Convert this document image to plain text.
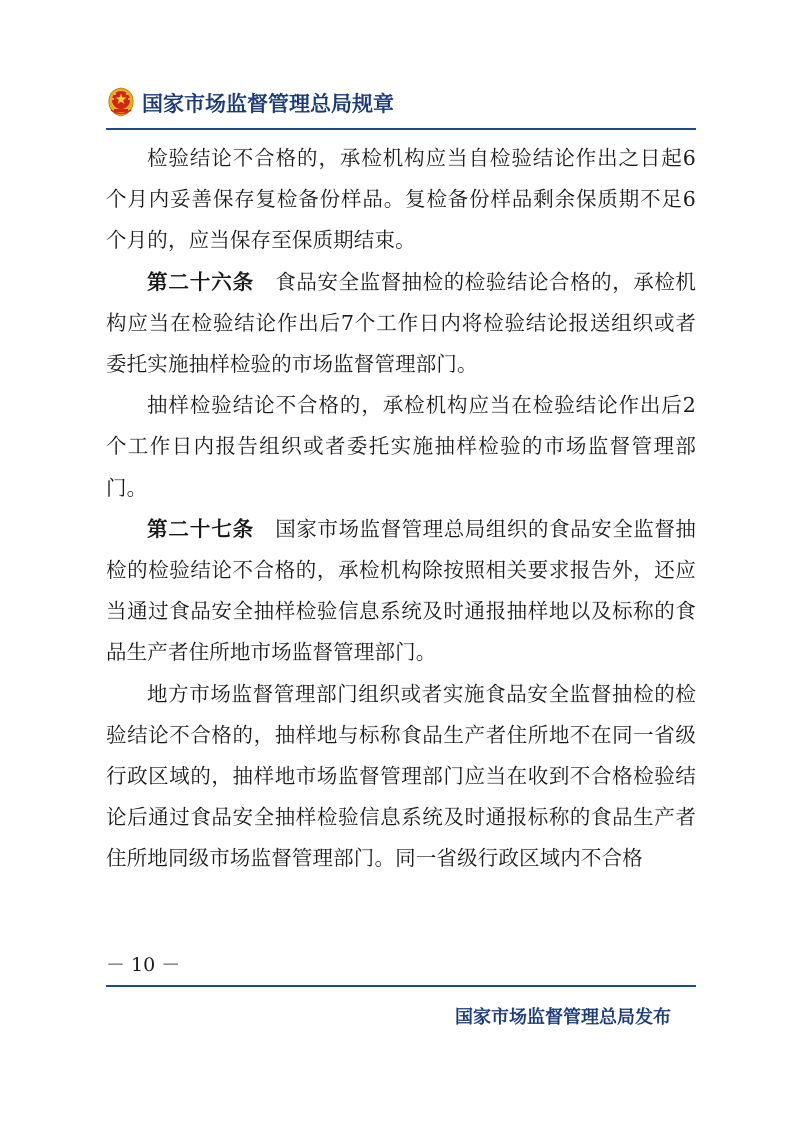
国家市场监督管理总局规章

检验结论不合格的，承检机构应当自检验结论作出之日起6个月内妥善保存复检备份样品。复检备份样品剩余保质期不足6个月的，应当保存至保质期结束。

第二十六条 食品安全监督抽检的检验结论合格的，承检机构应当在检验结论作出后7个工作日内将检验结论报送组织或者委托实施抽样检验的市场监督管理部门。

抽样检验结论不合格的，承检机构应当在检验结论作出后2个工作日内报告组织或者委托实施抽样检验的市场监督管理部门。

第二十七条 国家市场监督管理总局组织的食品安全监督抽检的检验结论不合格的，承检机构除按照相关要求报告外，还应当通过食品安全抽样检验信息系统及时通报抽样地以及标称的食品生产者住所地市场监督管理部门。

地方市场监督管理部门组织或者实施食品安全监督抽检的检验结论不合格的，抽样地与标称食品生产者住所地不在同一省级行政区域的，抽样地市场监督管理部门应当在收到不合格检验结论后通过食品安全抽样检验信息系统及时通报标称的食品生产者住所地同级市场监督管理部门。同一省级行政区域内不合格

－ 10 －
国家市场监督管理总局发布
